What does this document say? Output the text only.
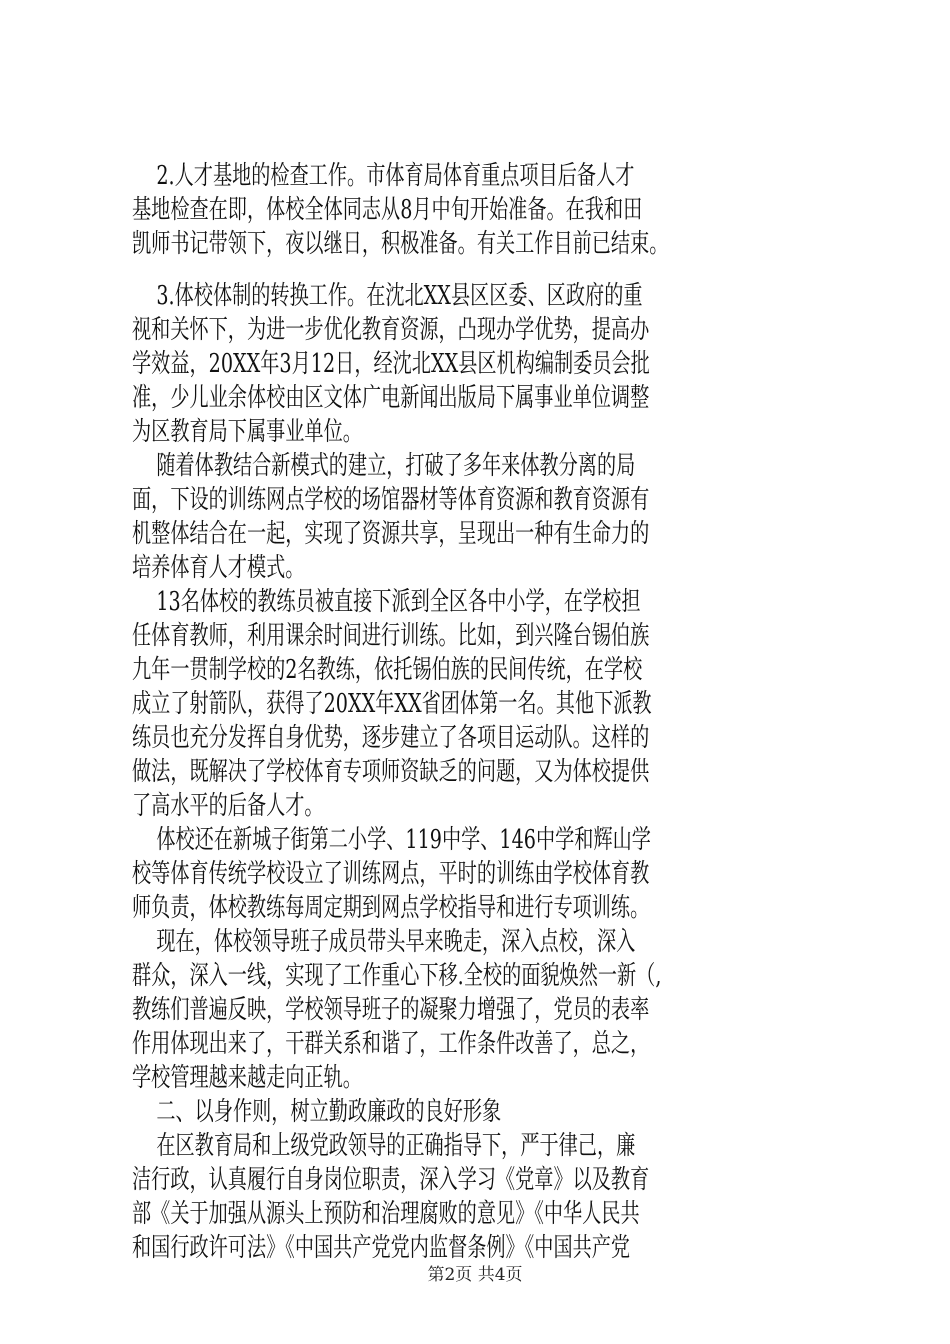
2.人才基地的检查工作。市体育局体育重点项目后备人才

基地检查在即，体校全体同志从8月中旬开始准备。在我和田

凯师书记带领下，夜以继日，积极准备。有关工作目前已结束。

3.体校体制的转换工作。在沈北XX县区区委、区政府的重

视和关怀下，为进一步优化教育资源，凸现办学优势，提高办

学效益，20XX年3月12日，经沈北XX县区机构编制委员会批

准，少儿业余体校由区文体广电新闻出版局下属事业单位调整

为区教育局下属事业单位。

随着体教结合新模式的建立，打破了多年来体教分离的局

面，下设的训练网点学校的场馆器材等体育资源和教育资源有

机整体结合在一起，实现了资源共享，呈现出一种有生命力的

培养体育人才模式。

13名体校的教练员被直接下派到全区各中小学，在学校担

任体育教师，利用课余时间进行训练。比如，到兴隆台锡伯族

九年一贯制学校的2名教练，依托锡伯族的民间传统，在学校

成立了射箭队，获得了20XX年XX省团体第一名。其他下派教

练员也充分发挥自身优势，逐步建立了各项目运动队。这样的

做法，既解决了学校体育专项师资缺乏的问题，又为体校提供

了高水平的后备人才。

体校还在新城子街第二小学、119中学、146中学和辉山学

校等体育传统学校设立了训练网点，平时的训练由学校体育教

师负责，体校教练每周定期到网点学校指导和进行专项训练。

现在，体校领导班子成员带头早来晚走，深入点校，深入

群众，深入一线，实现了工作重心下移.全校的面貌焕然一新（,

教练们普遍反映，学校领导班子的凝聚力增强了，党员的表率

作用体现出来了，干群关系和谐了，工作条件改善了，总之，

学校管理越来越走向正轨。

二、以身作则，树立勤政廉政的良好形象

在区教育局和上级党政领导的正确指导下，严于律己，廉

洁行政，认真履行自身岗位职责，深入学习《党章》以及教育

部《关于加强从源头上预防和治理腐败的意见》《中华人民共

和国行政许可法》《中国共产党党内监督条例》《中国共产党

第2页 共4页
